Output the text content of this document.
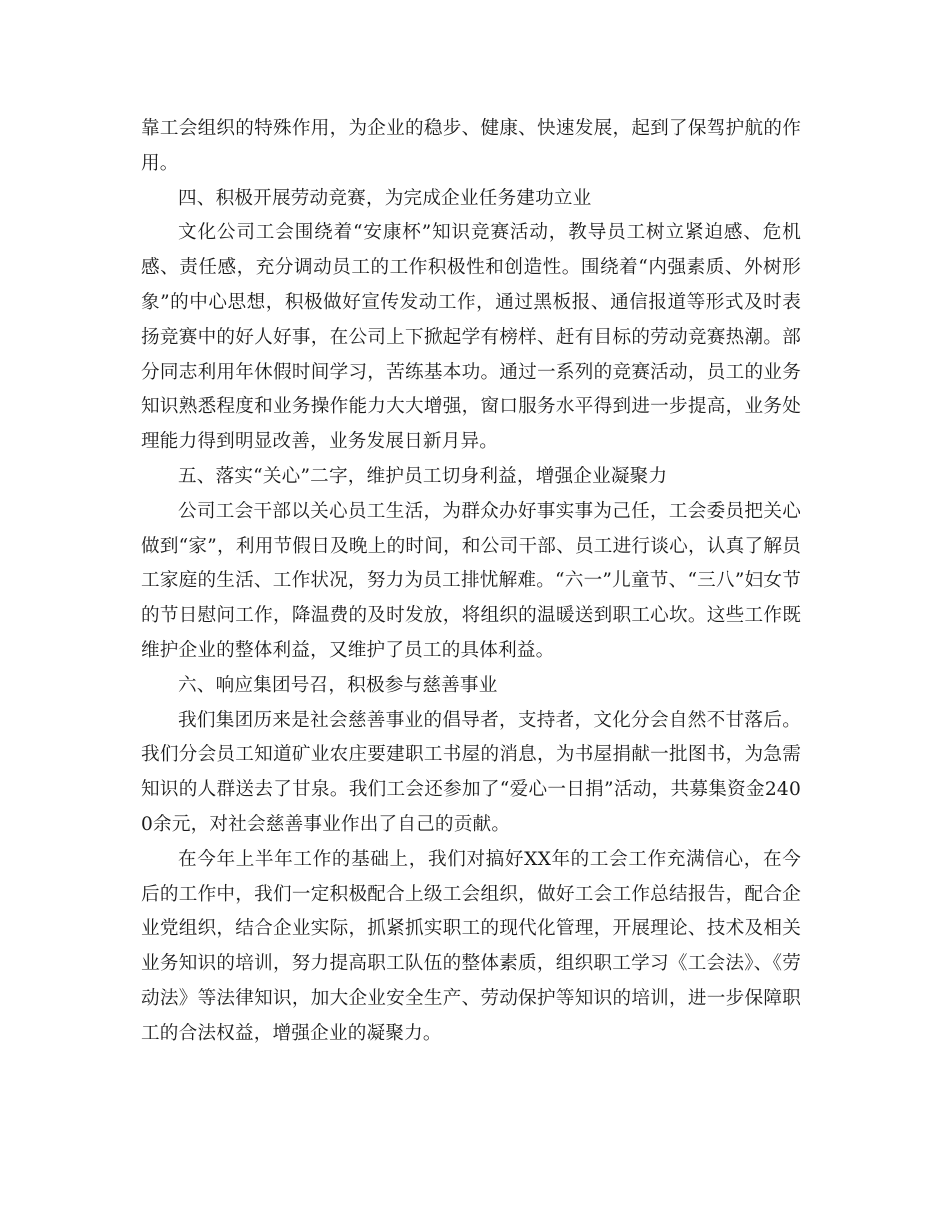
靠工会组织的特殊作用，为企业的稳步、健康、快速发展，起到了保驾护航的作用。

四、积极开展劳动竞赛，为完成企业任务建功立业

文化公司工会围绕着“安康杯”知识竞赛活动，教导员工树立紧迫感、危机感、责任感，充分调动员工的工作积极性和创造性。围绕着“内强素质、外树形象”的中心思想，积极做好宣传发动工作，通过黑板报、通信报道等形式及时表扬竞赛中的好人好事，在公司上下掀起学有榜样、赶有目标的劳动竞赛热潮。部分同志利用年休假时间学习，苦练基本功。通过一系列的竞赛活动，员工的业务知识熟悉程度和业务操作能力大大增强，窗口服务水平得到进一步提高，业务处理能力得到明显改善，业务发展日新月异。

五、落实“关心”二字，维护员工切身利益，增强企业凝聚力

公司工会干部以关心员工生活，为群众办好事实事为己任，工会委员把关心做到“家”，利用节假日及晚上的时间，和公司干部、员工进行谈心，认真了解员工家庭的生活、工作状况，努力为员工排忧解难。“六一”儿童节、“三八”妇女节的节日慰问工作，降温费的及时发放，将组织的温暖送到职工心坎。这些工作既维护企业的整体利益，又维护了员工的具体利益。

六、响应集团号召，积极参与慈善事业

我们集团历来是社会慈善事业的倡导者，支持者，文化分会自然不甘落后。我们分会员工知道矿业农庄要建职工书屋的消息，为书屋捐献一批图书，为急需知识的人群送去了甘泉。我们工会还参加了“爱心一日捐”活动，共募集资金2400余元，对社会慈善事业作出了自己的贡献。

在今年上半年工作的基础上，我们对搞好XX年的工会工作充满信心，在今后的工作中，我们一定积极配合上级工会组织，做好工会工作总结报告，配合企业党组织，结合企业实际，抓紧抓实职工的现代化管理，开展理论、技术及相关业务知识的培训，努力提高职工队伍的整体素质，组织职工学习《工会法》、《劳动法》等法律知识，加大企业安全生产、劳动保护等知识的培训，进一步保障职工的合法权益，增强企业的凝聚力。
